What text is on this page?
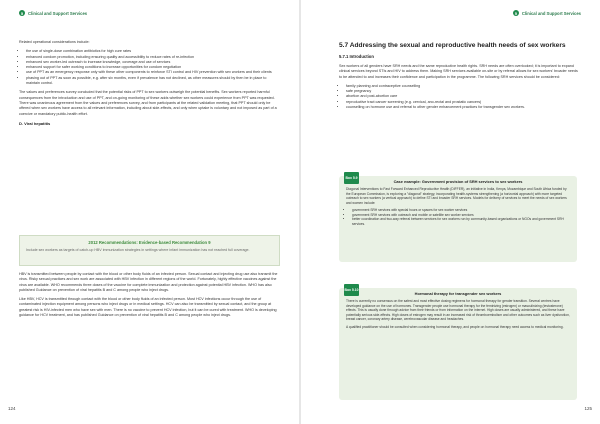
5	Clinical and Support Services

Related operational considerations include:

• the use of single-dose combination antibiotics for high cure rates
• enhanced condom promotion, including ensuring quality and accessibility to reduce rates of re-infection
• enhanced sex worker-led outreach to increase knowledge, coverage and use of services
• enhanced support for safer working conditions to increase opportunities for condom negotiation
• use of PPT as an emergency response only with these other components to reinforce STI control and HIV prevention with sex workers and their clients
• phasing out of PPT as soon as possible, e.g. after six months, even if prevalence has not declined, as other measures should by then be in place to maintain control.

The values and preferences survey concluded that the potential risks of PPT to sex workers outweigh the potential benefits. Sex workers reported harmful consequences from the introduction and use of PPT, and on-going monitoring of these adds whether sex workers could experience from PPT was requested. There was unanimous agreement from the values and preferences survey, and from participants at the related validation meeting, that PPT should only be offered when sex workers have access to all relevant information, including about side-effects, and only when uptake is voluntary and not imposed as part of a coercive or mandatory public-health effort.

D. Viral hepatitis
2012 Recommendations: Evidence-based Recommendation 9
Include sex workers as targets of catch-up HBV immunization strategies in settings where infant immunization has not reached full coverage.

HBV is transmitted between people by contact with the blood or other body fluids of an infected person. Sexual contact and injecting drug use also transmit the virus. Risky sexual practices and sex work are associated with HBV infection in different regions of the world. Fortunately, highly effective vaccines against the virus are available. WHO recommends three doses of the vaccine for complete immunization and protection against potential HBV infection. WHO has also published Guidance on prevention of viral hepatitis B and C among people who inject drugs.

Like HBV, HCV is transmitted through contact with the blood or other body fluids of an infected person. Most HCV infections occur through the use of contaminated injection equipment among persons who inject drugs or in medical settings. HCV can also be transmitted by sexual contact, and the group at greatest risk is HIV-infected men who have sex with men. There is no vaccine to prevent HCV infection, but it can be cured with treatment. WHO is developing guidance for HCV treatment, and has published Guidance on prevention of viral hepatitis B and C among people who inject drugs.

124
5	Clinical and Support Services
5.7 Addressing the sexual and reproductive health needs of sex workers
5.7.1 Introduction

Sex workers of all genders have SRH needs and the same reproductive health rights. SRH needs are often overlooked; it is important to expand clinical services beyond STIs and HIV to address them. Making SRH services available on-site or by referral allows for sex workers' broader needs to be attended to and increases their confidence and participation in the programme. The following SRH services should be considered:

• family planning and contraceptive counselling
• safe pregnancy
• abortion and post-abortion care
• reproductive tract cancer screening (e.g. cervical, ano-rectal and prostatic cancers)
• counselling on hormone use and referral to other gender enhancement practices for transgender sex workers.
Box 5.9
Case example: Government provision of SRH services to sex workers

Diagonal Interventions to Fast Forward Enhanced Reproductive Health (DIFFER), an initiative in India, Kenya, Mozambique and South Africa funded by the European Commission, is exploring a "diagonal" strategy, incorporating health-systems strengthening (a horizontal approach) with more targeted outreach to sex workers (a vertical approach) to define STI and broader SRH services. Models for delivery of services to meet the needs of sex workers and women include:

• government SRH services with special hours or spaces for sex worker services
• government SRH services with outreach and mobile or satellite sex worker services
• better coordination and two-way referral between services for sex workers run by community-based organizations or NGOs and government SRH services.
Box 5.10
Hormonal therapy for transgender sex workers

There is currently no consensus on the safest and most effective dosing regimens for hormonal therapy for gender transition. Several centres have developed guidance on the use of hormones. Transgender people use hormonal therapy for the feminizing (estrogen) or masculinizing (testosterone) effects. This is usually done through advice from their friends or from information on the internet. High doses are usually administered, and these have potentially serious side-effects. High doses of estrogen may result in an increased risk of thromboembolism and other outcomes such as liver dysfunction, breast cancer, coronary artery disease, cerebrovascular disease and headaches.

A qualified practitioner should be consulted when considering hormonal therapy, and people on hormonal therapy need access to medical monitoring.

125
